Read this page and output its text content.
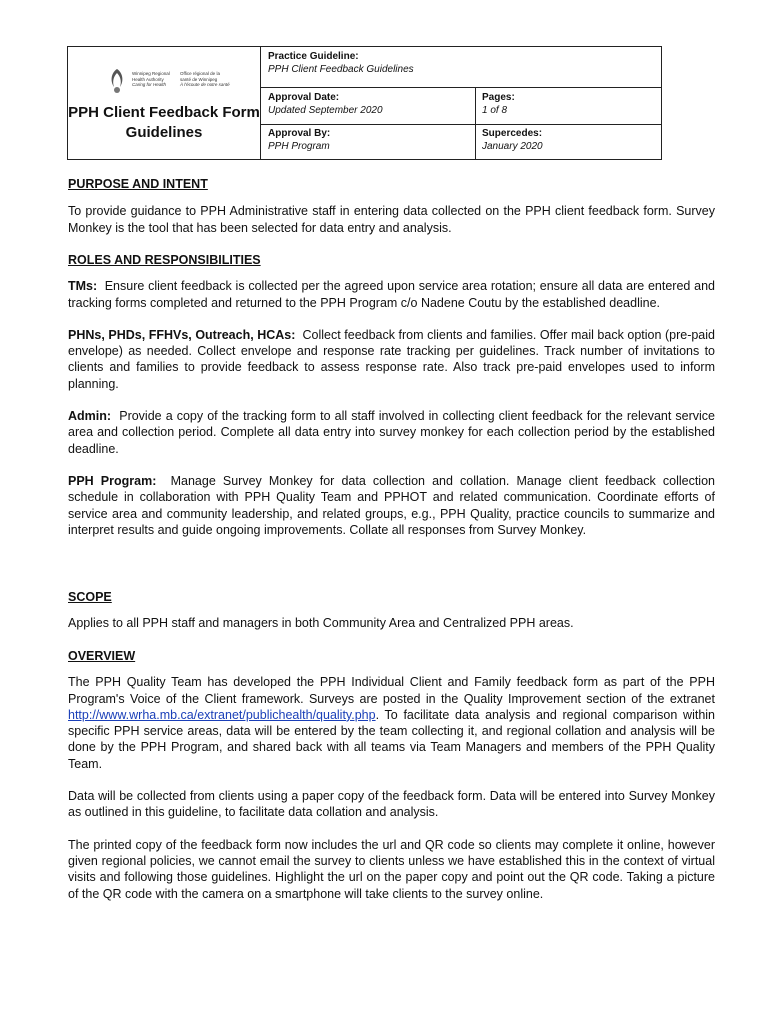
Winnipeg Regional
Health Authority
Caring for Health
Office régional de la
santé de Winnipeg
À l'écoute de notre santé
PPH Client Feedback Form Guidelines
Practice Guideline:
PPH Client Feedback Guidelines
Approval Date:
Updated September 2020
Pages:
1 of 8
Approval By:
PPH Program
Supercedes:
January 2020
PURPOSE AND INTENT

To provide guidance to PPH Administrative staff in entering data collected on the PPH client feedback form. Survey Monkey is the tool that has been selected for data entry and analysis.

ROLES AND RESPONSIBILITIES

TMs: Ensure client feedback is collected per the agreed upon service area rotation; ensure all data are entered and tracking forms completed and returned to the PPH Program c/o Nadene Coutu by the established deadline.

PHNs, PHDs, FFHVs, Outreach, HCAs: Collect feedback from clients and families. Offer mail back option (pre-paid envelope) as needed. Collect envelope and response rate tracking per guidelines. Track number of invitations to clients and families to provide feedback to assess response rate. Also track pre-paid envelopes used to inform planning.

Admin: Provide a copy of the tracking form to all staff involved in collecting client feedback for the relevant service area and collection period. Complete all data entry into survey monkey for each collection period by the established deadline.

PPH Program: Manage Survey Monkey for data collection and collation. Manage client feedback collection schedule in collaboration with PPH Quality Team and PPHOT and related communication. Coordinate efforts of service area and community leadership, and related groups, e.g., PPH Quality, practice councils to summarize and interpret results and guide ongoing improvements. Collate all responses from Survey Monkey.

SCOPE

Applies to all PPH staff and managers in both Community Area and Centralized PPH areas.

OVERVIEW

The PPH Quality Team has developed the PPH Individual Client and Family feedback form as part of the PPH Program's Voice of the Client framework. Surveys are posted in the Quality Improvement section of the extranet http://www.wrha.mb.ca/extranet/publichealth/quality.php. To facilitate data analysis and regional comparison within specific PPH service areas, data will be entered by the team collecting it, and regional collation and analysis will be done by the PPH Program, and shared back with all teams via Team Managers and members of the PPH Quality Team.

Data will be collected from clients using a paper copy of the feedback form. Data will be entered into Survey Monkey as outlined in this guideline, to facilitate data collation and analysis.

The printed copy of the feedback form now includes the url and QR code so clients may complete it online, however given regional policies, we cannot email the survey to clients unless we have established this in the context of virtual visits and following those guidelines. Highlight the url on the paper copy and point out the QR code. Taking a picture of the QR code with the camera on a smartphone will take clients to the survey online.
